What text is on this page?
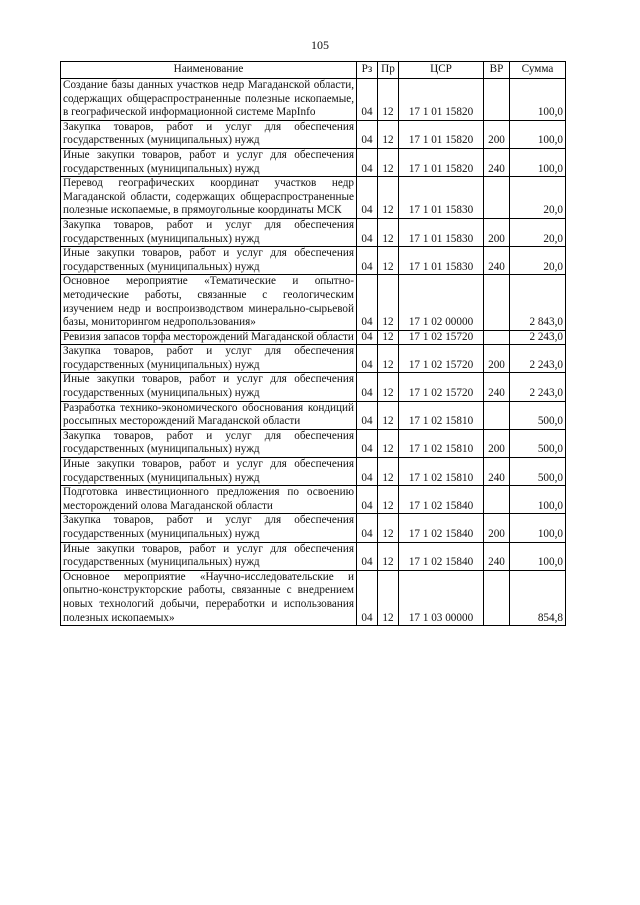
105
Наименование	Рз	Пр	ЦСР	ВР	Сумма
Создание базы данных участков недр Магаданской области, содержащих общераспространенные полезные ископаемые, в географической информационной системе MapInfo	04	12	17 1 01 15820		100,0
Закупка товаров, работ и услуг для обеспечения государственных (муниципальных) нужд	04	12	17 1 01 15820	200	100,0
Иные закупки товаров, работ и услуг для обеспечения государственных (муниципальных) нужд	04	12	17 1 01 15820	240	100,0
Перевод географических координат участков недр Магаданской области, содержащих общераспространенные полезные ископаемые, в прямоугольные координаты МСК	04	12	17 1 01 15830		20,0
Закупка товаров, работ и услуг для обеспечения государственных (муниципальных) нужд	04	12	17 1 01 15830	200	20,0
Иные закупки товаров, работ и услуг для обеспечения государственных (муниципальных) нужд	04	12	17 1 01 15830	240	20,0
Основное мероприятие «Тематические и опытно-методические работы, связанные с геологическим изучением недр и воспроизводством минерально-сырьевой базы, мониторингом недропользования»	04	12	17 1 02 00000		2 843,0
Ревизия запасов торфа месторождений Магаданской области	04	12	17 1 02 15720		2 243,0
Закупка товаров, работ и услуг для обеспечения государственных (муниципальных) нужд	04	12	17 1 02 15720	200	2 243,0
Иные закупки товаров, работ и услуг для обеспечения государственных (муниципальных) нужд	04	12	17 1 02 15720	240	2 243,0
Разработка технико-экономического обоснования кондиций россыпных месторождений Магаданской области	04	12	17 1 02 15810		500,0
Закупка товаров, работ и услуг для обеспечения государственных (муниципальных) нужд	04	12	17 1 02 15810	200	500,0
Иные закупки товаров, работ и услуг для обеспечения государственных (муниципальных) нужд	04	12	17 1 02 15810	240	500,0
Подготовка инвестиционного предложения по освоению месторождений олова Магаданской области	04	12	17 1 02 15840		100,0
Закупка товаров, работ и услуг для обеспечения государственных (муниципальных) нужд	04	12	17 1 02 15840	200	100,0
Иные закупки товаров, работ и услуг для обеспечения государственных (муниципальных) нужд	04	12	17 1 02 15840	240	100,0
Основное мероприятие «Научно-исследовательские и опытно-конструкторские работы, связанные с внедрением новых технологий добычи, переработки и использования полезных ископаемых»	04	12	17 1 03 00000		854,8
